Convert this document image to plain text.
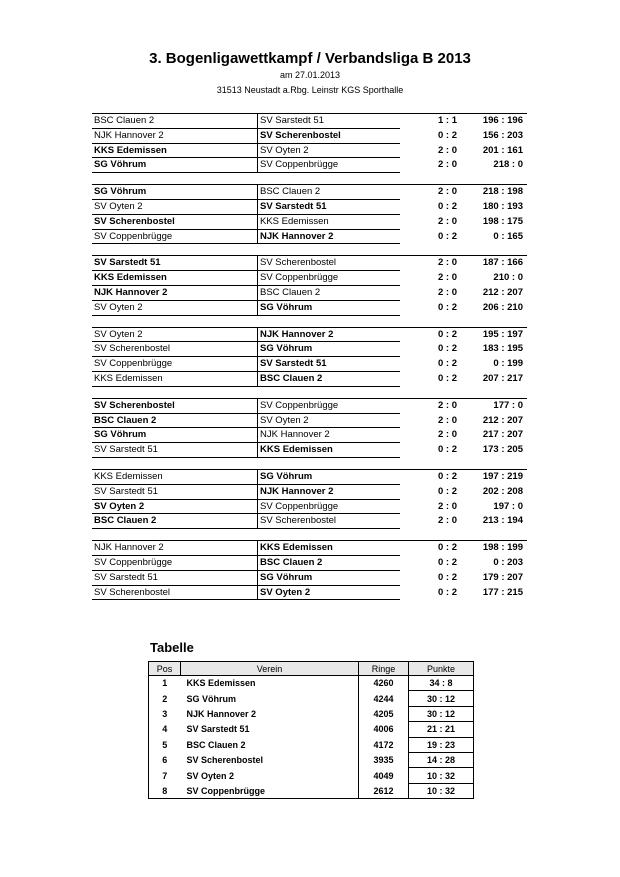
3. Bogenligawettkampf / Verbandsliga B 2013
am 27.01.2013
31513 Neustadt a.Rbg. Leinstr KGS Sporthalle
BSC Clauen 2	SV Sarstedt 51	1 : 1	196 : 196
NJK Hannover 2	SV Scherenbostel	0 : 2	156 : 203
KKS Edemissen	SV Oyten 2	2 : 0	201 : 161
SG Vöhrum	SV Coppenbrügge	2 : 0	218 : 0
SG Vöhrum	BSC Clauen 2	2 : 0	218 : 198
SV Oyten 2	SV Sarstedt 51	0 : 2	180 : 193
SV Scherenbostel	KKS Edemissen	2 : 0	198 : 175
SV Coppenbrügge	NJK Hannover 2	0 : 2	0 : 165
SV Sarstedt 51	SV Scherenbostel	2 : 0	187 : 166
KKS Edemissen	SV Coppenbrügge	2 : 0	210 : 0
NJK Hannover 2	BSC Clauen 2	2 : 0	212 : 207
SV Oyten 2	SG Vöhrum	0 : 2	206 : 210
SV Oyten 2	NJK Hannover 2	0 : 2	195 : 197
SV Scherenbostel	SG Vöhrum	0 : 2	183 : 195
SV Coppenbrügge	SV Sarstedt 51	0 : 2	0 : 199
KKS Edemissen	BSC Clauen 2	0 : 2	207 : 217
SV Scherenbostel	SV Coppenbrügge	2 : 0	177 : 0
BSC Clauen 2	SV Oyten 2	2 : 0	212 : 207
SG Vöhrum	NJK Hannover 2	2 : 0	217 : 207
SV Sarstedt 51	KKS Edemissen	0 : 2	173 : 205
KKS Edemissen	SG Vöhrum	0 : 2	197 : 219
SV Sarstedt 51	NJK Hannover 2	0 : 2	202 : 208
SV Oyten 2	SV Coppenbrügge	2 : 0	197 : 0
BSC Clauen 2	SV Scherenbostel	2 : 0	213 : 194
NJK Hannover 2	KKS Edemissen	0 : 2	198 : 199
SV Coppenbrügge	BSC Clauen 2	0 : 2	0 : 203
SV Sarstedt 51	SG Vöhrum	0 : 2	179 : 207
SV Scherenbostel	SV Oyten 2	0 : 2	177 : 215
Tabelle
Pos	Verein	Ringe	Punkte
1	KKS Edemissen	4260	34 : 8
2	SG Vöhrum	4244	30 : 12
3	NJK Hannover 2	4205	30 : 12
4	SV Sarstedt 51	4006	21 : 21
5	BSC Clauen 2	4172	19 : 23
6	SV Scherenbostel	3935	14 : 28
7	SV Oyten 2	4049	10 : 32
8	SV Coppenbrügge	2612	10 : 32
